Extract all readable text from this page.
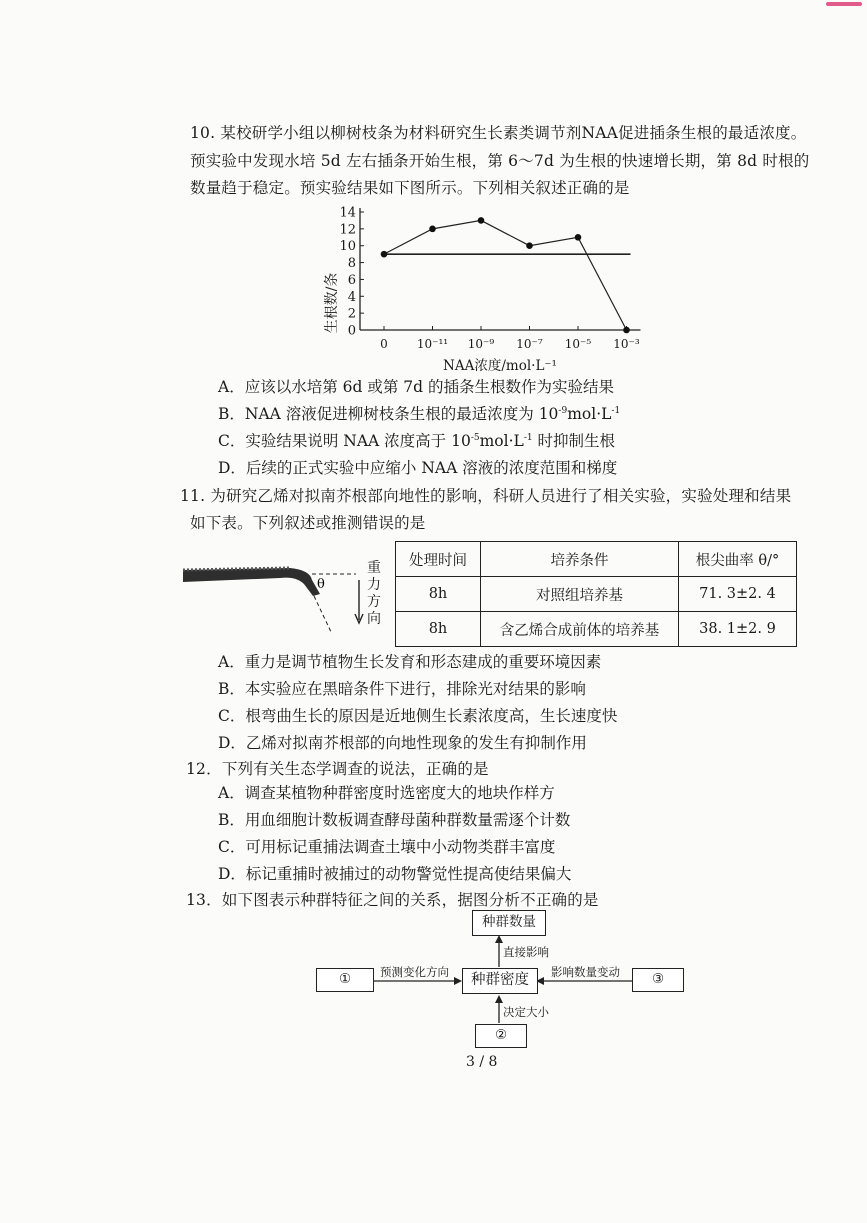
10. 某校研学小组以柳树枝条为材料研究生长素类调节剂NAA促进插条生根的最适浓度。
预实验中发现水培 5d 左右插条开始生根，第 6～7d 为生根的快速增长期，第 8d 时根的
数量趋于稳定。预实验结果如下图所示。下列相关叙述正确的是
0
2
4
6
8
10
12
14
0 10⁻¹¹ 10⁻⁹ 10⁻⁷ 10⁻⁵ 10⁻³
生根数/条
NAA浓度/mol·L⁻¹
A．应该以水培第 6d 或第 7d 的插条生根数作为实验结果
B．NAA 溶液促进柳树枝条生根的最适浓度为 $10^{-9}mol\cdot L^{-1}$
C．实验结果说明 NAA 浓度高于 $10^{-5}mol\cdot L^{-1}$ 时抑制生根
D．后续的正式实验中应缩小 NAA 溶液的浓度范围和梯度
11. 为研究乙烯对拟南芥根部向地性的影响，科研人员进行了相关实验，实验处理和结果
如下表。下列叙述或推测错误的是
θ
重
力
方
向
处理时间	培养条件	根尖曲率 θ/°
8h	对照组培养基	71. 3±2. 4
8h	含乙烯合成前体的培养基	38. 1±2. 9
A．重力是调节植物生长发育和形态建成的重要环境因素
B．本实验应在黑暗条件下进行，排除光对结果的影响
C．根弯曲生长的原因是近地侧生长素浓度高，生长速度快
D．乙烯对拟南芥根部的向地性现象的发生有抑制作用
12．下列有关生态学调查的说法，正确的是
A．调查某植物种群密度时选密度大的地块作样方
B．用血细胞计数板调查酵母菌种群数量需逐个计数
C．可用标记重捕法调查土壤中小动物类群丰富度
D．标记重捕时被捕过的动物警觉性提高使结果偏大
13．如下图表示种群特征之间的关系，据图分析不正确的是
种群数量
种群密度
①	③
②
直接影响
预测变化方向	影响数量变动
决定大小
3 / 8
